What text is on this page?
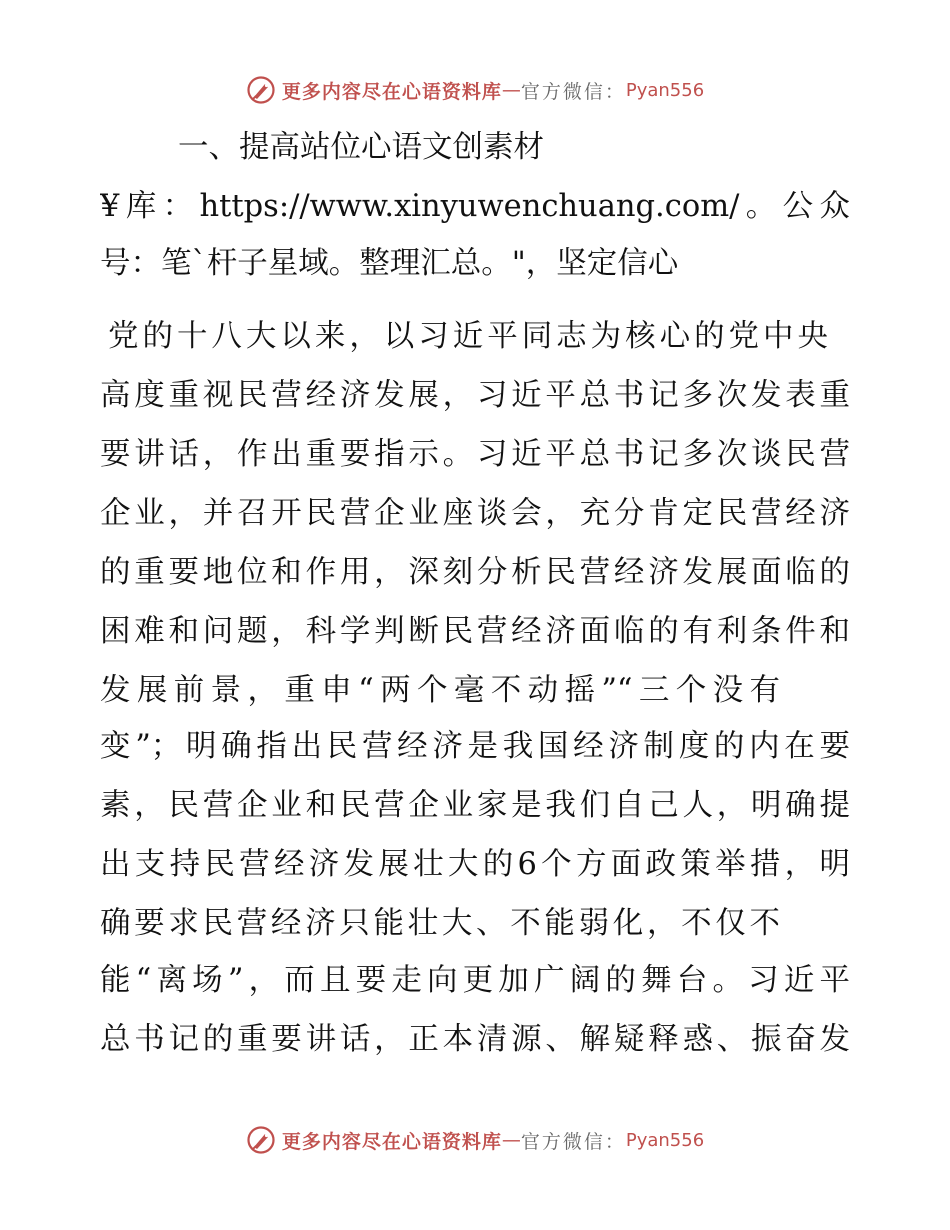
更多内容尽在心语资料库 — 官方微信： Pyan556
一、提高站位心语文创素材
¥库：https://www.xinyuwenchuang.com/。公众
号：笔`杆子星域。整理汇总。"，坚定信心
党的十八大以来，以习近平同志为核心的党中央
高度重视民营经济发展，习近平总书记多次发表重
要讲话，作出重要指示。习近平总书记多次谈民营
企业，并召开民营企业座谈会，充分肯定民营经济
的重要地位和作用，深刻分析民营经济发展面临的
困难和问题，科学判断民营经济面临的有利条件和
发展前景，重申“两个毫不动摇”“三个没有
变”；明确指出民营经济是我国经济制度的内在要
素，民营企业和民营企业家是我们自己人，明确提
出支持民营经济发展壮大的6个方面政策举措，明
确要求民营经济只能壮大、不能弱化，不仅不
能“离场”，而且要走向更加广阔的舞台。习近平
总书记的重要讲话，正本清源、解疑释惑、振奋发
更多内容尽在心语资料库 — 官方微信： Pyan556
